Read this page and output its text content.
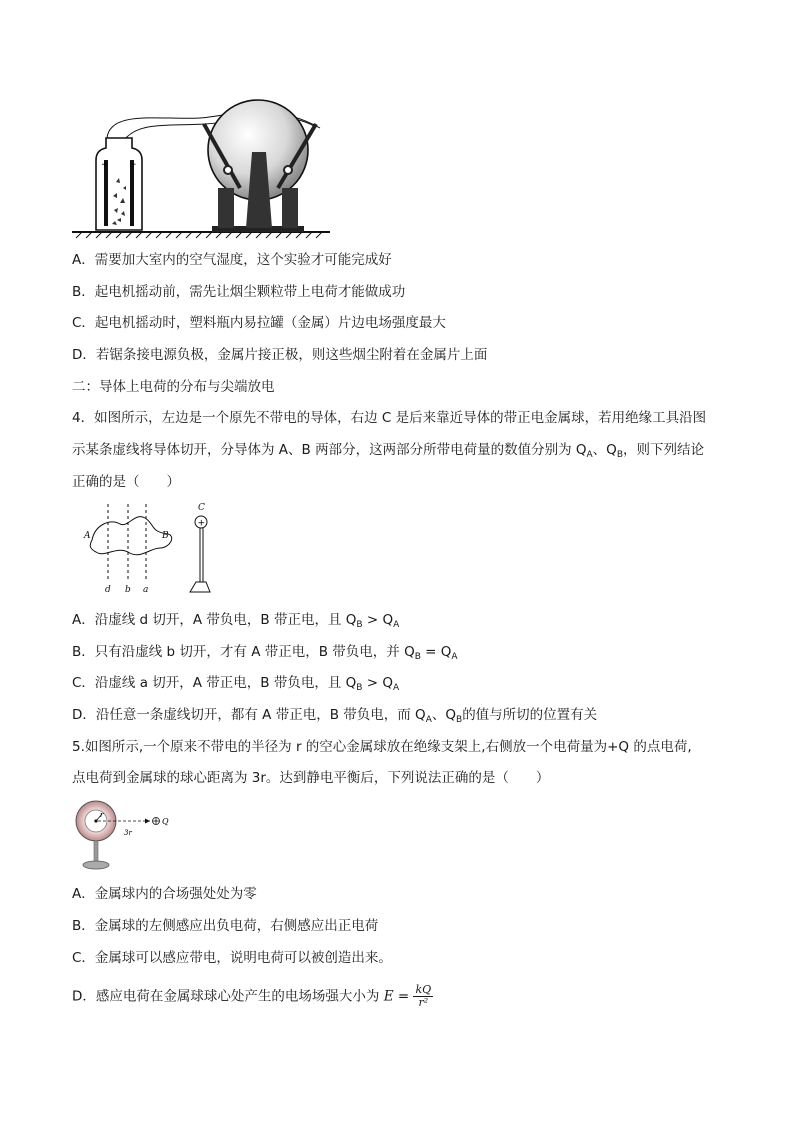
+ −
A．需要加大室内的空气湿度，这个实验才可能完成好
B．起电机摇动前，需先让烟尘颗粒带上电荷才能做成功
C．起电机摇动时，塑料瓶内易拉罐（金属）片边电场强度最大
D．若锯条接电源负极，金属片接正极，则这些烟尘附着在金属片上面
二：导体上电荷的分布与尖端放电
4．如图所示，左边是一个原先不带电的导体，右边 C 是后来靠近导体的带正电金属球，若用绝缘工具沿图
示某条虚线将导体切开，分导体为 A、B 两部分，这两部分所带电荷量的数值分别为 $Q_A$、$Q_B$，则下列结论
正确的是（　　）
A	B
d b a
C
+
A．沿虚线 d 切开，A 带负电，B 带正电，且 $Q_B > Q_A$
B．只有沿虚线 b 切开，才有 A 带正电，B 带负电，并 $Q_B = Q_A$
C．沿虚线 a 切开，A 带正电，B 带负电，且 $Q_B > Q_A$
D．沿任意一条虚线切开，都有 A 带正电，B 带负电，而 $Q_A$、$Q_B$的值与所切的位置有关
5.如图所示,一个原来不带电的半径为 r 的空心金属球放在绝缘支架上,右侧放一个电荷量为+Q 的点电荷,
点电荷到金属球的球心距离为 3r。达到静电平衡后，下列说法正确的是（　　）
r
3r
Q
A．金属球内的合场强处处为零
B．金属球的左侧感应出负电荷，右侧感应出正电荷
C．金属球可以感应带电，说明电荷可以被创造出来。
D．感应电荷在金属球球心处产生的电场场强大小为 $E = \frac{kQ}{\text{r²}}$
